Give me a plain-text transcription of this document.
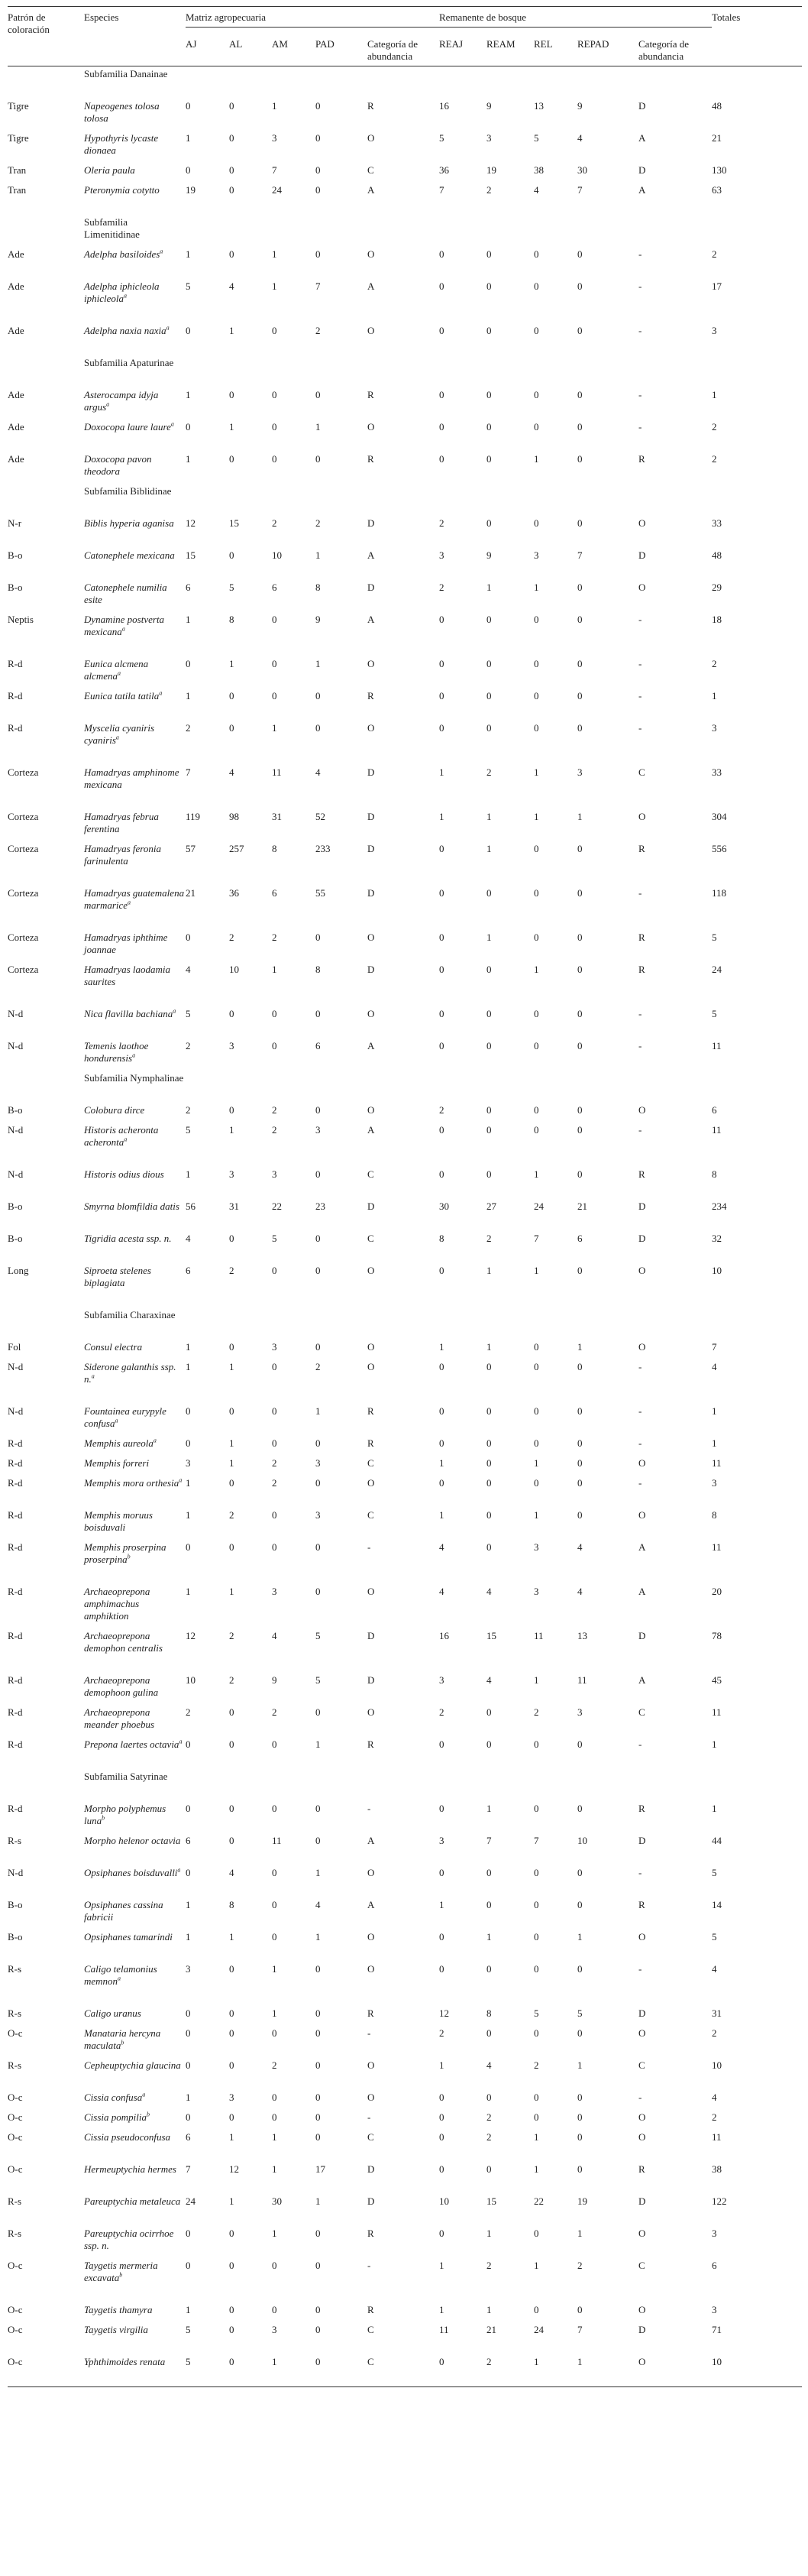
Patrón de coloración	Especies	Matriz agropecuaria					Remanente de bosque					Totales
		AJ	AL	AM	PAD	Categoría de abundancia	REAJ	REAM	REL	REPAD	Categoría de abundancia	

	Subfamilia Danainae											
Tigre	Napeogenes tolosa tolosa	0	0	1	0	R	16	9	13	9	D	48
Tigre	Hypothyris lycaste dionaea	1	0	3	0	O	5	3	5	4	A	21
Tran	Oleria paula	0	0	7	0	C	36	19	38	30	D	130
Tran	Pteronymia cotytto	19	0	24	0	A	7	2	4	7	A	63
	Subfamilia Limenitidinae											
Ade	Adelpha basiloides$^a$	1	0	1	0	O	0	0	0	0	-	2
Ade	Adelpha iphicleola iphicleola$^a$	5	4	1	7	A	0	0	0	0	-	17
Ade	Adelpha naxia naxia$^a$	0	1	0	2	O	0	0	0	0	-	3
	Subfamilia Apaturinae											
Ade	Asterocampa idyja argus$^a$	1	0	0	0	R	0	0	0	0	-	1
Ade	Doxocopa laure laure$^a$	0	1	0	1	O	0	0	0	0	-	2
Ade	Doxocopa pavon theodora	1	0	0	0	R	0	0	1	0	R	2
	Subfamilia Biblidinae											
N-r	Biblis hyperia aganisa	12	15	2	2	D	2	0	0	0	O	33
B-o	Catonephele mexicana	15	0	10	1	A	3	9	3	7	D	48
B-o	Catonephele numilia esite	6	5	6	8	D	2	1	1	0	O	29
Neptis	Dynamine postverta mexicana$^a$	1	8	0	9	A	0	0	0	0	-	18
R-d	Eunica alcmena alcmena$^a$	0	1	0	1	O	0	0	0	0	-	2
R-d	Eunica tatila tatila$^a$	1	0	0	0	R	0	0	0	0	-	1
R-d	Myscelia cyaniris cyaniris$^a$	2	0	1	0	O	0	0	0	0	-	3
Corteza	Hamadryas amphinome mexicana	7	4	11	4	D	1	2	1	3	C	33
Corteza	Hamadryas februa ferentina	119	98	31	52	D	1	1	1	1	O	304
Corteza	Hamadryas feronia farinulenta	57	257	8	233	D	0	1	0	0	R	556
Corteza	Hamadryas guatemalena marmarice$^a$	21	36	6	55	D	0	0	0	0	-	118
Corteza	Hamadryas iphthime joannae	0	2	2	0	O	0	1	0	0	R	5
Corteza	Hamadryas laodamia saurites	4	10	1	8	D	0	0	1	0	R	24
N-d	Nica flavilla bachiana$^a$	5	0	0	0	O	0	0	0	0	-	5
N-d	Temenis laothoe hondurensis$^a$	2	3	0	6	A	0	0	0	0	-	11
	Subfamilia Nymphalinae											
B-o	Colobura dirce	2	0	2	0	O	2	0	0	0	O	6
N-d	Historis acheronta acheronta$^a$	5	1	2	3	A	0	0	0	0	-	11
N-d	Historis odius dious	1	3	3	0	C	0	0	1	0	R	8
B-o	Smyrna blomfildia datis	56	31	22	23	D	30	27	24	21	D	234
B-o	Tigridia acesta ssp. n.	4	0	5	0	C	8	2	7	6	D	32
Long	Siproeta stelenes biplagiata	6	2	0	0	O	0	1	1	0	O	10
	Subfamilia Charaxinae											
Fol	Consul electra	1	0	3	0	O	1	1	0	1	O	7
N-d	Siderone galanthis ssp. n.$^a$	1	1	0	2	O	0	0	0	0	-	4
N-d	Fountainea eurypyle confusa$^a$	0	0	0	1	R	0	0	0	0	-	1
R-d	Memphis aureola$^a$	0	1	0	0	R	0	0	0	0	-	1
R-d	Memphis forreri	3	1	2	3	C	1	0	1	0	O	11
R-d	Memphis mora orthesia$^a$	1	0	2	0	O	0	0	0	0	-	3
R-d	Memphis moruus boisduvali	1	2	0	3	C	1	0	1	0	O	8
R-d	Memphis proserpina proserpina$^b$	0	0	0	0	-	4	0	3	4	A	11
R-d	Archaeoprepona amphimachus amphiktion	1	1	3	0	O	4	4	3	4	A	20
R-d	Archaeoprepona demophon centralis	12	2	4	5	D	16	15	11	13	D	78
R-d	Archaeoprepona demophoon gulina	10	2	9	5	D	3	4	1	11	A	45
R-d	Archaeoprepona meander phoebus	2	0	2	0	O	2	0	2	3	C	11
R-d	Prepona laertes octavia$^a$	0	0	0	1	R	0	0	0	0	-	1
	Subfamilia Satyrinae											
R-d	Morpho polyphemus luna$^b$	0	0	0	0	-	0	1	0	0	R	1
R-s	Morpho helenor octavia	6	0	11	0	A	3	7	7	10	D	44
N-d	Opsiphanes boisduvalli$^a$	0	4	0	1	O	0	0	0	0	-	5
B-o	Opsiphanes cassina fabricii	1	8	0	4	A	1	0	0	0	R	14
B-o	Opsiphanes tamarindi	1	1	0	1	O	0	1	0	1	O	5
R-s	Caligo telamonius memnon$^a$	3	0	1	0	O	0	0	0	0	-	4
R-s	Caligo uranus	0	0	1	0	R	12	8	5	5	D	31
O-c	Manataria hercyna maculata$^b$	0	0	0	0	-	2	0	0	0	O	2
R-s	Cepheuptychia glaucina	0	0	2	0	O	1	4	2	1	C	10
O-c	Cissia confusa$^a$	1	3	0	0	O	0	0	0	0	-	4
O-c	Cissia pompilia$^b$	0	0	0	0	-	0	2	0	0	O	2
O-c	Cissia pseudoconfusa	6	1	1	0	C	0	2	1	0	O	11
O-c	Hermeuptychia hermes	7	12	1	17	D	0	0	1	0	R	38
R-s	Pareuptychia metaleuca	24	1	30	1	D	10	15	22	19	D	122
R-s	Pareuptychia ocirrhoe ssp. n.	0	0	1	0	R	0	1	0	1	O	3
O-c	Taygetis mermeria excavata$^b$	0	0	0	0	-	1	2	1	2	C	6
O-c	Taygetis thamyra	1	0	0	0	R	1	1	0	0	O	3
O-c	Taygetis virgilia	5	0	3	0	C	11	21	24	7	D	71
O-c	Yphthimoides renata	5	0	1	0	C	0	2	1	1	O	10
